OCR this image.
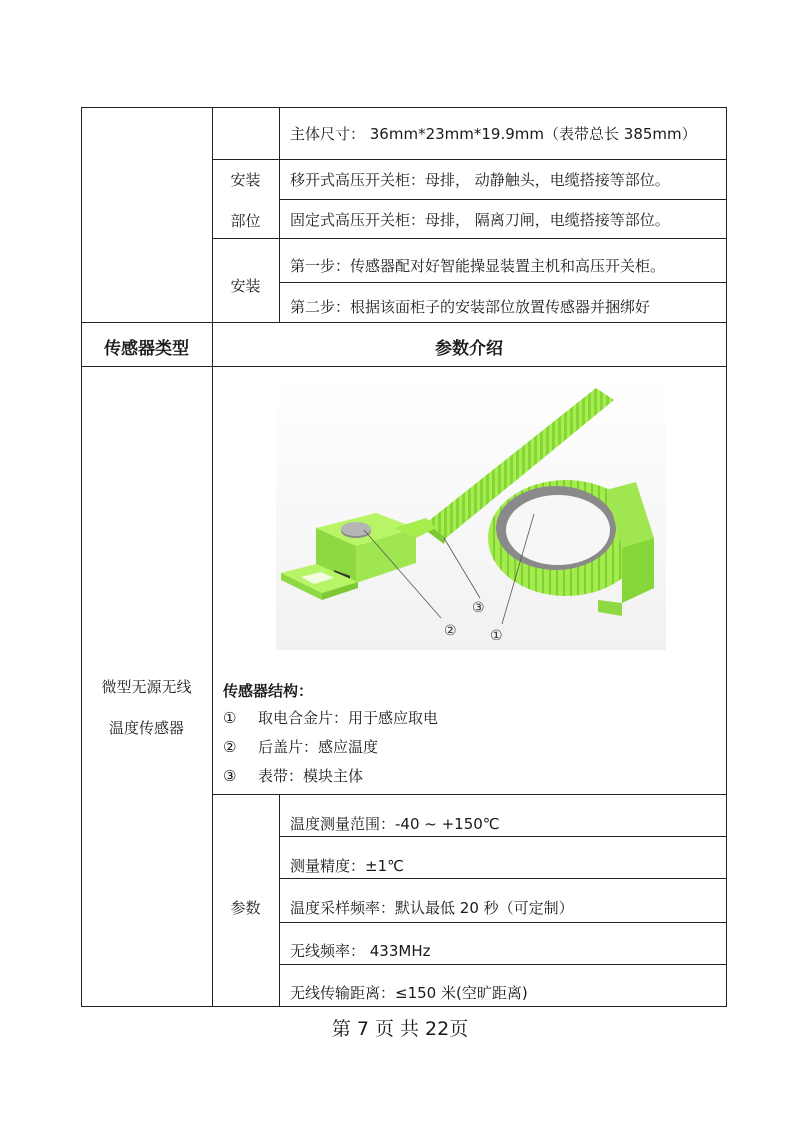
主体尺寸： 36mm*23mm*19.9mm（表带总长 385mm）
安装
部位
移开式高压开关柜：母排， 动静触头，电缆搭接等部位。
固定式高压开关柜：母排， 隔离刀闸，电缆搭接等部位。
安装
第一步：传感器配对好智能操显装置主机和高压开关柜。
第二步：根据该面柜子的安装部位放置传感器并捆绑好
传感器类型	参数介绍
微型无源无线
温度传感器
②
③
①
传感器结构：
① 取电合金片：用于感应取电
② 后盖片：感应温度
③ 表带：模块主体
参数
温度测量范围：-40 ~ +150℃
测量精度：±1℃
温度采样频率：默认最低 20 秒（可定制）
无线频率： 433MHz
无线传输距离：≤150 米(空旷距离)
第 7 页 共 22页
